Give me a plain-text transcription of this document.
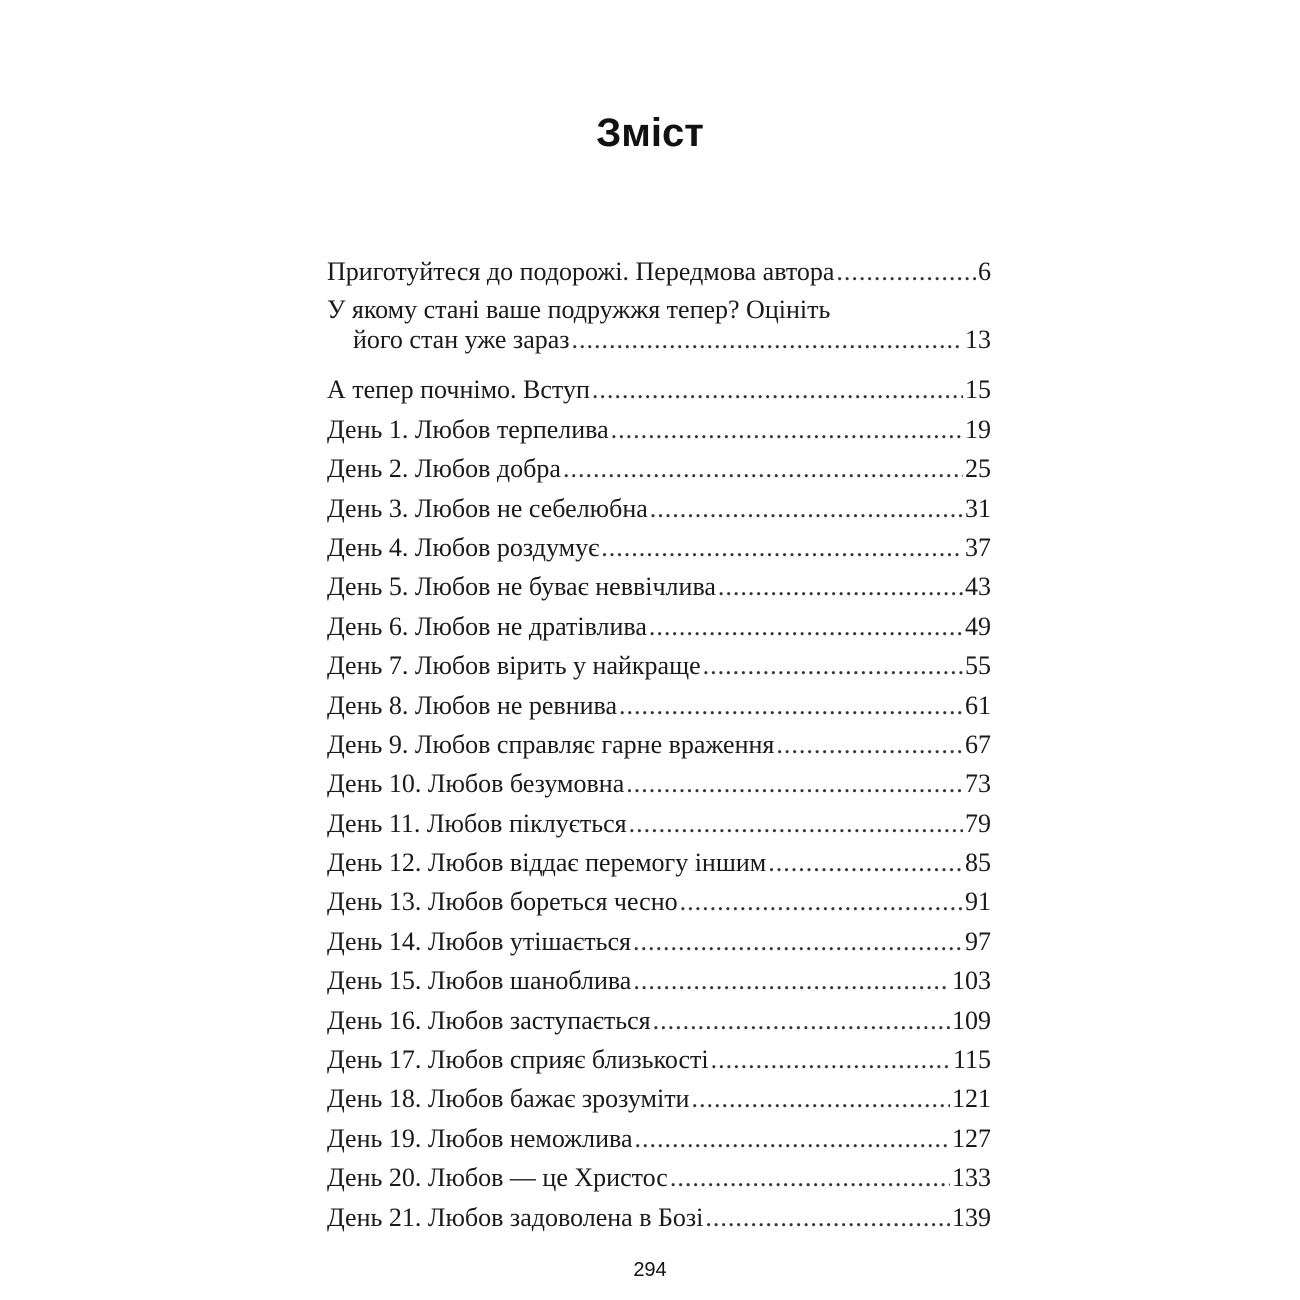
Зміст
Приготуйтеся до подорожі. Передмова автора .....	6
У якому стані ваше подружжя тепер? Оцініть
його стан уже зараз .....	13
А тепер почнімо. Вступ .....	15
День 1. Любов терпелива .....	19
День 2. Любов добра .....	25
День 3. Любов не себелюбна .....	31
День 4. Любов роздумує .....	37
День 5. Любов не буває неввічлива .....	43
День 6. Любов не дратівлива .....	49
День 7. Любов вірить у найкраще .....	55
День 8. Любов не ревнива .....	61
День 9. Любов справляє гарне враження .....	67
День 10. Любов безумовна .....	73
День 11. Любов піклується .....	79
День 12. Любов віддає перемогу іншим .....	85
День 13. Любов бореться чесно .....	91
День 14. Любов утішається .....	97
День 15. Любов шанoблива .....	103
День 16. Любов заступається .....	109
День 17. Любов сприяє близькості .....	115
День 18. Любов бажає зрозуміти .....	121
День 19. Любов неможлива .....	127
День 20. Любов — це Христос .....	133
День 21. Любов задоволена в Бозі .....	139
294
